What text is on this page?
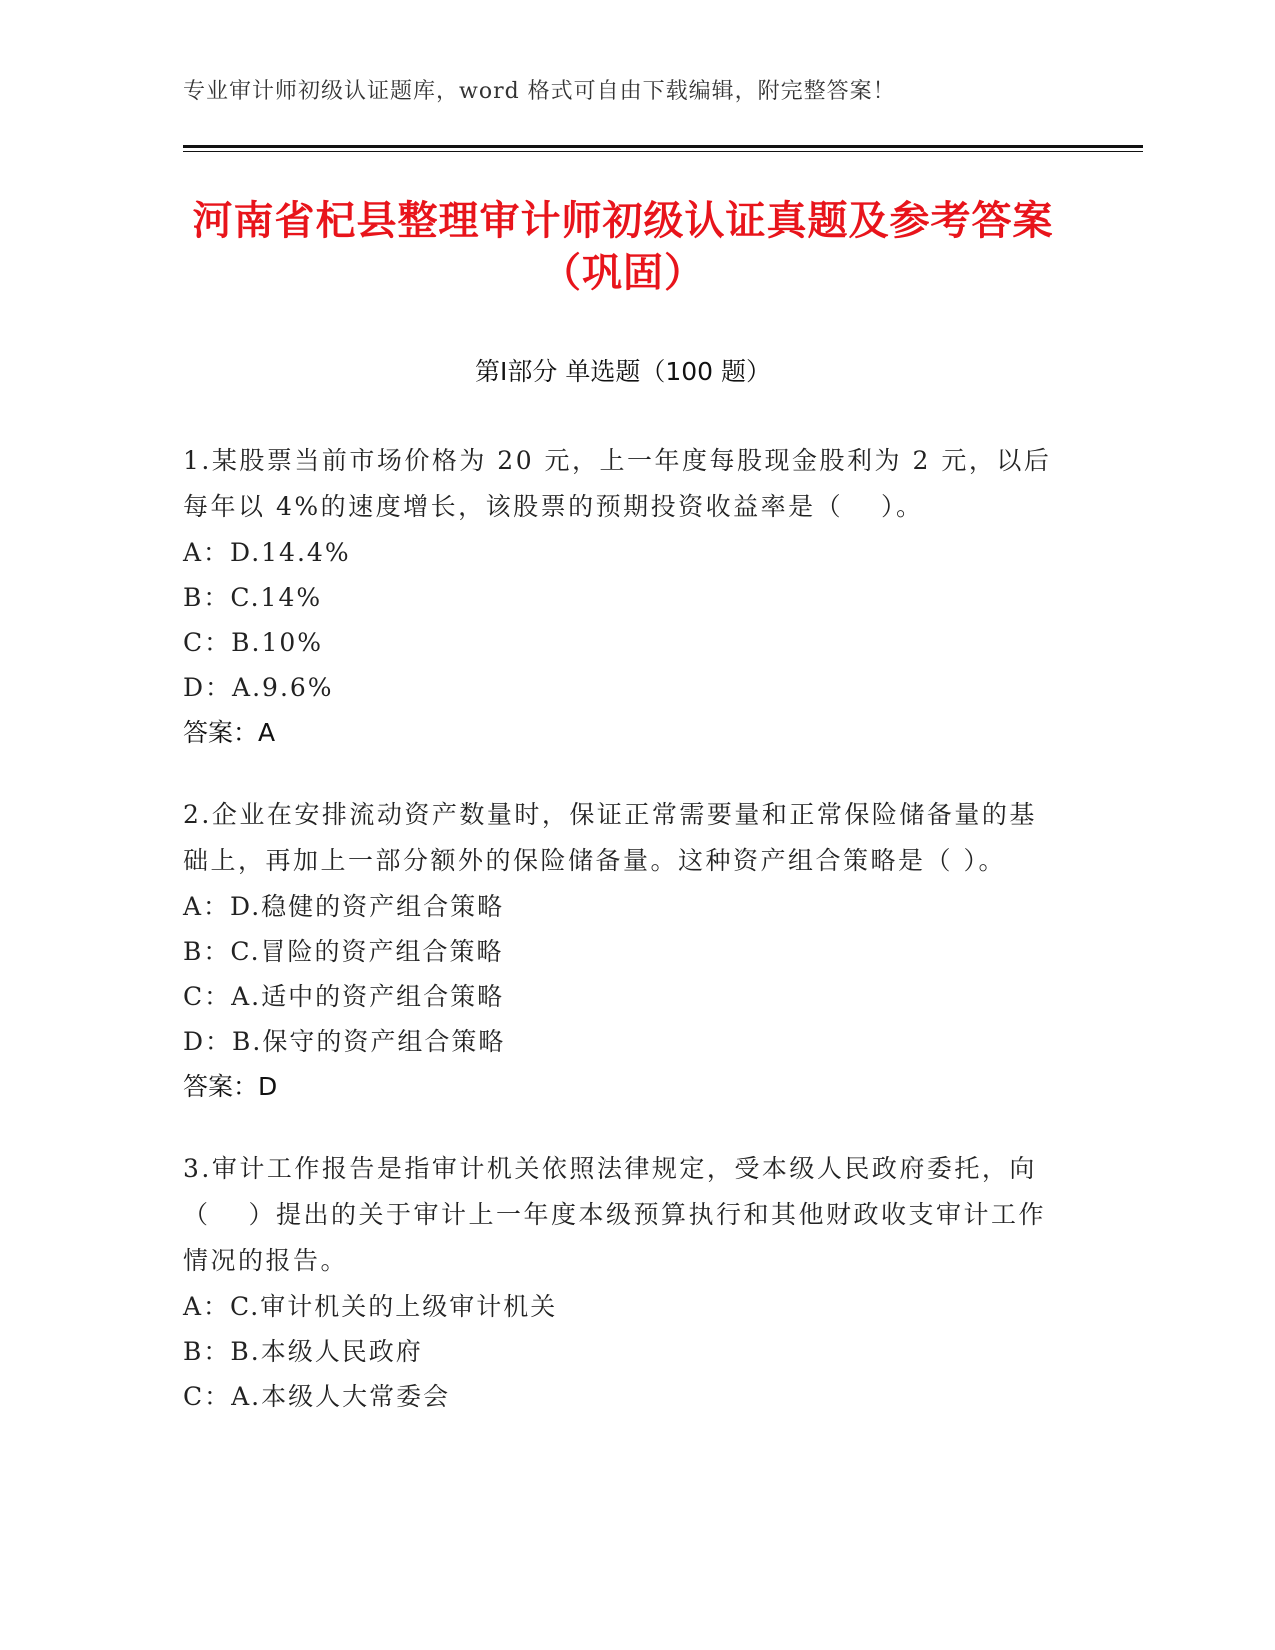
专业审计师初级认证题库，word 格式可自由下载编辑，附完整答案！
河南省杞县整理审计师初级认证真题及参考答案（巩固）
第Ⅰ部分 单选题（100 题）
1.某股票当前市场价格为 20 元，上一年度每股现金股利为 2 元，以后每年以 4%的速度增长，该股票的预期投资收益率是（　 ）。
A：D.14.4%
B：C.14%
C：B.10%
D：A.9.6%
答案：A
2.企业在安排流动资产数量时，保证正常需要量和正常保险储备量的基础上，再加上一部分额外的保险储备量。这种资产组合策略是（ ）。
A：D.稳健的资产组合策略
B：C.冒险的资产组合策略
C：A.适中的资产组合策略
D：B.保守的资产组合策略
答案：D
3.审计工作报告是指审计机关依照法律规定，受本级人民政府委托，向（　 ）提出的关于审计上一年度本级预算执行和其他财政收支审计工作情况的报告。
A：C.审计机关的上级审计机关
B：B.本级人民政府
C：A.本级人大常委会
